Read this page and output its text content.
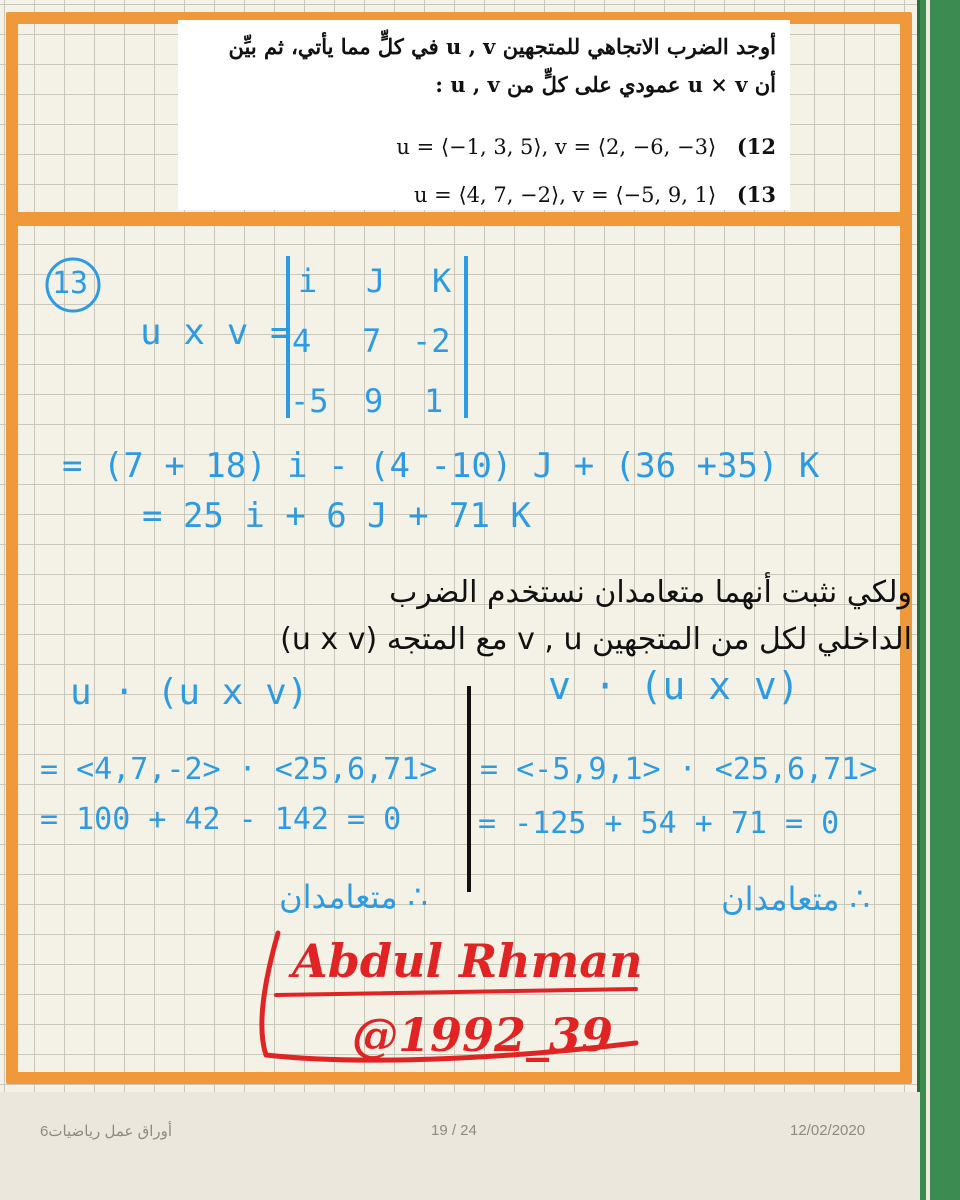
أوجد الضرب الاتجاهي للمتجهين u , v في كلٍّ مما يأتي، ثم بيِّن
أن u × v عمودي على كلٍّ من u , v :
u = ⟨−1, 3, 5⟩, v = ⟨2, −6, −3⟩ (12
u = ⟨4, 7, −2⟩, v = ⟨−5, 9, 1⟩ (13
13
u x v =
i J K
4 7 -2
-5 9 1
= (7 + 18) i - (4 -10) J + (36 +35) K
= 25 i + 6 J + 71 K
ولكي نثبت أنهما متعامدان نستخدم الضرب
الداخلي لكل من المتجهين v , u مع المتجه (u x v)
u · (u x v)
= <4,7,-2> · <25,6,71>
= 100 + 42 - 142 = 0
∴ متعامدان
v · (u x v)
= <-5,9,1> · <25,6,71>
= -125 + 54 + 71 = 0
∴ متعامدان
Abdul Rhman
@1992_39
أوراق عمل رياضيات6	19 / 24	12/02/2020
